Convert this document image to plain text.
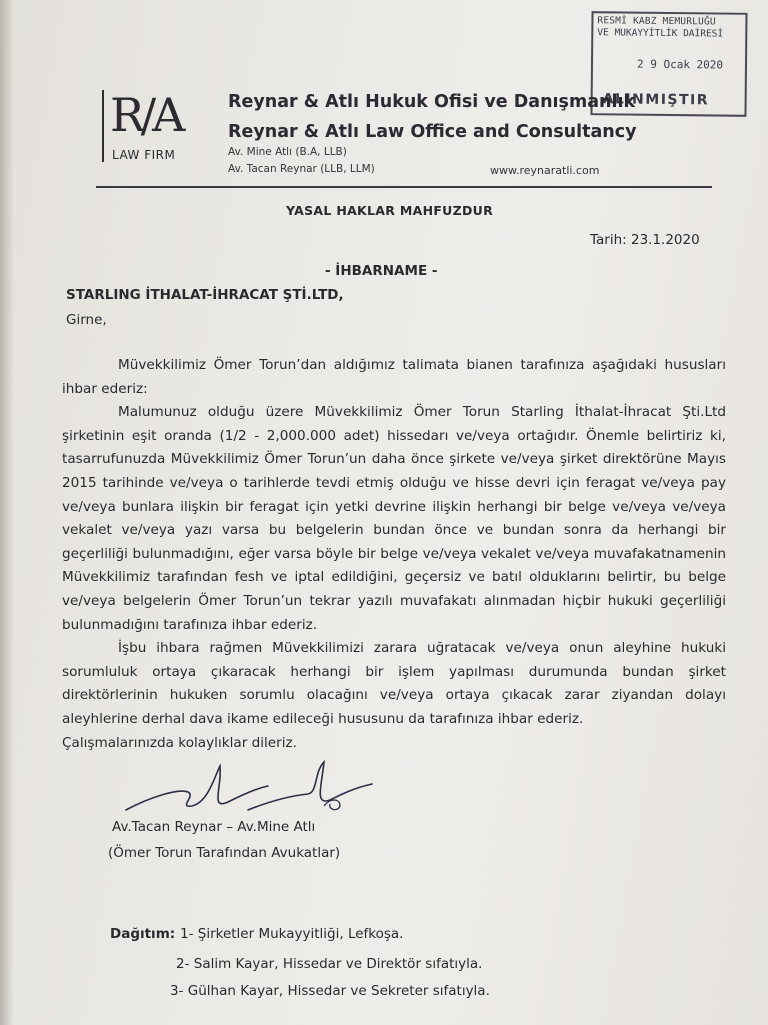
RESMİ KABZ MEMURLUĞU
VE MUKAYYİTLİK DAİRESİ
2 9 Ocak 2020
ALINMIŞTIR
R/A
LAW FIRM
Reynar & Atlı Hukuk Ofisi ve Danışmanlık
Reynar & Atlı Law Office and Consultancy
Av. Mine Atlı (B.A, LLB)
Av. Tacan Reynar (LLB, LLM)	www.reynaratli.com
YASAL HAKLAR MAHFUZDUR
Tarih: 23.1.2020
- İHBARNAME -
STARLING İTHALAT-İHRACAT ŞTİ.LTD,
Girne,

Müvekkilimiz Ömer Torun’dan aldığımız talimata bianen tarafınıza aşağıdaki hususları ihbar ederiz:

Malumunuz olduğu üzere Müvekkilimiz Ömer Torun Starling İthalat-İhracat Şti.Ltd şirketinin eşit oranda (1/2 - 2,000.000 adet) hissedarı ve/veya ortağıdır. Önemle belirtiriz ki, tasarrufunuzda Müvekkilimiz Ömer Torun’un daha önce şirkete ve/veya şirket direktörüne Mayıs 2015 tarihinde ve/veya o tarihlerde tevdi etmiş olduğu ve hisse devri için feragat ve/veya pay ve/veya bunlara ilişkin bir feragat için yetki devrine ilişkin herhangi bir belge ve/veya ve/veya vekalet ve/veya yazı varsa bu belgelerin bundan önce ve bundan sonra da herhangi bir geçerliliği bulunmadığını, eğer varsa böyle bir belge ve/veya vekalet ve/veya muvafakatnamenin Müvekkilimiz tarafından fesh ve iptal edildiğini, geçersiz ve batıl olduklarını belirtir, bu belge ve/veya belgelerin Ömer Torun’un tekrar yazılı muvafakatı alınmadan hiçbir hukuki geçerliliği bulunmadığını tarafınıza ihbar ederiz.

İşbu ihbara rağmen Müvekkilimizi zarara uğratacak ve/veya onun aleyhine hukuki sorumluluk ortaya çıkaracak herhangi bir işlem yapılması durumunda bundan şirket direktörlerinin hukuken sorumlu olacağını ve/veya ortaya çıkacak zarar ziyandan dolayı aleyhlerine derhal dava ikame edileceği hususunu da tarafınıza ihbar ederiz.

Çalışmalarınızda kolaylıklar dileriz.

Av.Tacan Reynar – Av.Mine Atlı
(Ömer Torun Tarafından Avukatlar)
Dağıtım: 1- Şirketler Mukayyitliği, Lefkoşa.
2- Salim Kayar, Hissedar ve Direktör sıfatıyla.
3- Gülhan Kayar, Hissedar ve Sekreter sıfatıyla.
